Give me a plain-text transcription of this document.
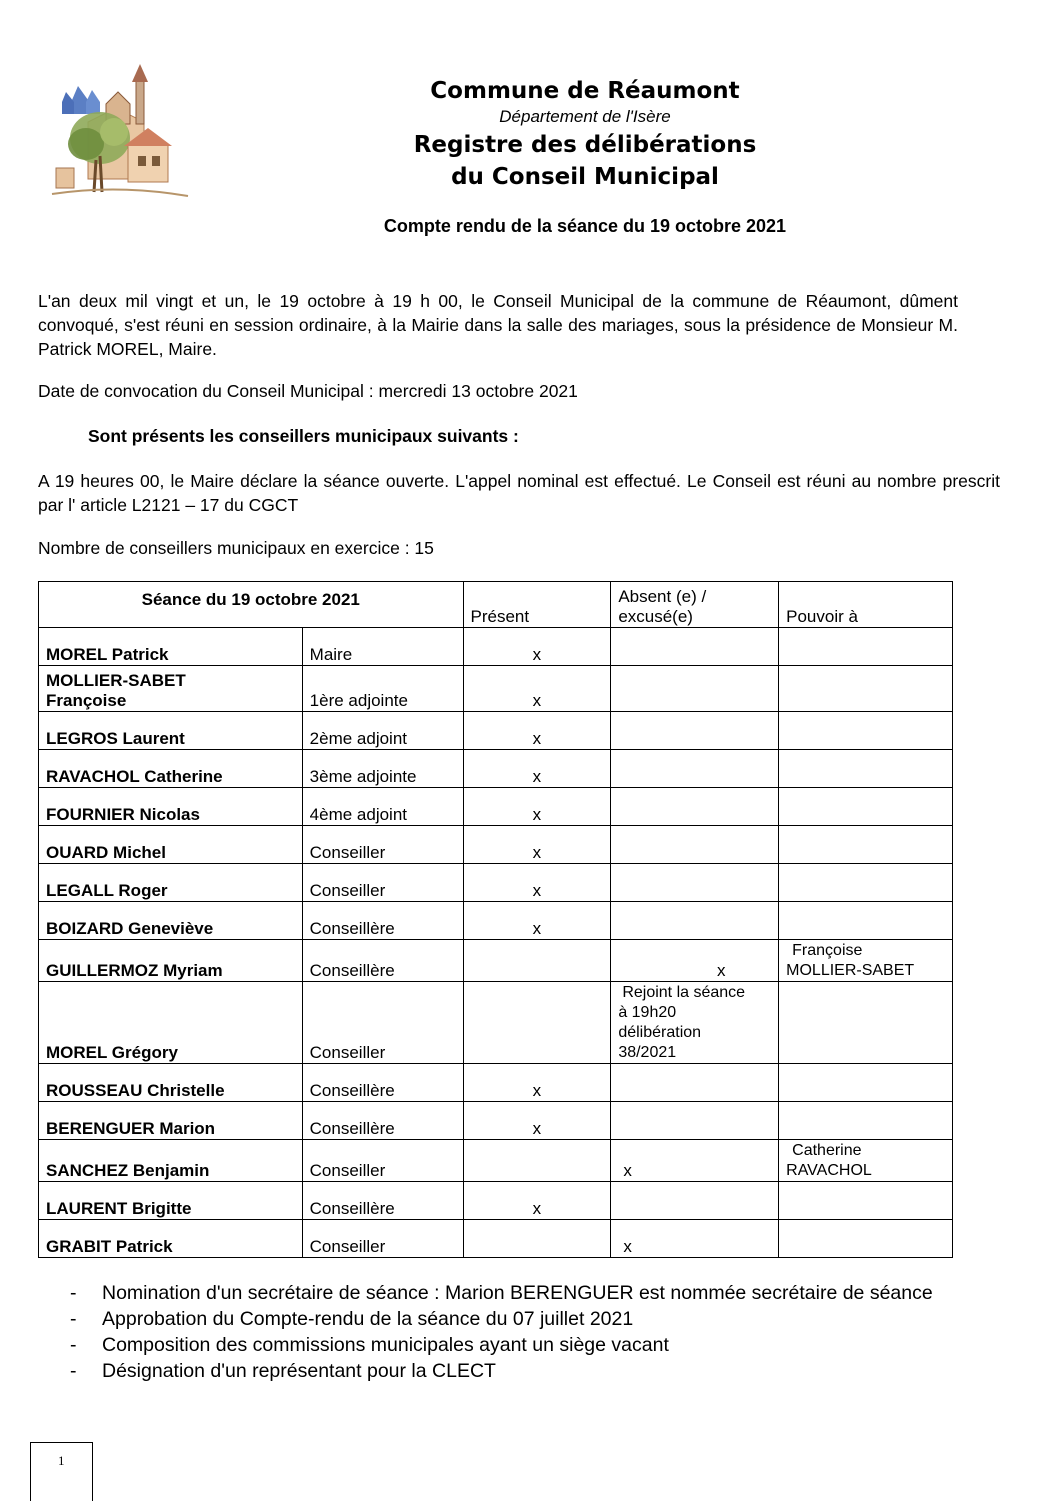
Commune de Réaumont
Département de l'Isère
Registre des délibérations
du Conseil Municipal
Compte rendu de la séance du 19 octobre 2021
L'an deux mil vingt et un, le 19 octobre à 19 h 00, le Conseil Municipal de la commune de Réaumont, dûment convoqué, s'est réuni en session ordinaire, à la Mairie dans la salle des mariages, sous la présidence de Monsieur M. Patrick MOREL, Maire.
Date de convocation du Conseil Municipal : mercredi 13 octobre 2021
Sont présents les conseillers municipaux suivants :
A 19 heures 00, le Maire déclare la séance ouverte. L'appel nominal est effectué. Le Conseil est réuni au nombre prescrit par l' article L2121 – 17 du CGCT
Nombre de conseillers municipaux en exercice : 15
Séance du 19 octobre 2021		Présent	Absent (e) /
excusé(e)	Pouvoir à
MOREL Patrick	Maire	x		
MOLLIER-SABET
Françoise	1ère adjointe	x		
LEGROS Laurent	2ème adjoint	x		
RAVACHOL Catherine	3ème adjointe	x		
FOURNIER Nicolas	4ème adjoint	x		
OUARD Michel	Conseiller	x		
LEGALL Roger	Conseiller	x		
BOIZARD Geneviève	Conseillère	x		
GUILLERMOZ Myriam	Conseillère		x	Françoise
MOLLIER-SABET
MOREL Grégory	Conseiller		Rejoint la séance
à 19h20
délibération
38/2021	
ROUSSEAU Christelle	Conseillère	x		
BERENGUER Marion	Conseillère	x		
SANCHEZ Benjamin	Conseiller		x	Catherine
RAVACHOL
LAURENT Brigitte	Conseillère	x		
GRABIT Patrick	Conseiller		x	
- Nomination d'un secrétaire de séance : Marion BERENGUER est nommée secrétaire de séance
- Approbation du Compte-rendu de la séance du 07 juillet 2021
- Composition des commissions municipales ayant un siège vacant
- Désignation d'un représentant pour la CLECT
1
